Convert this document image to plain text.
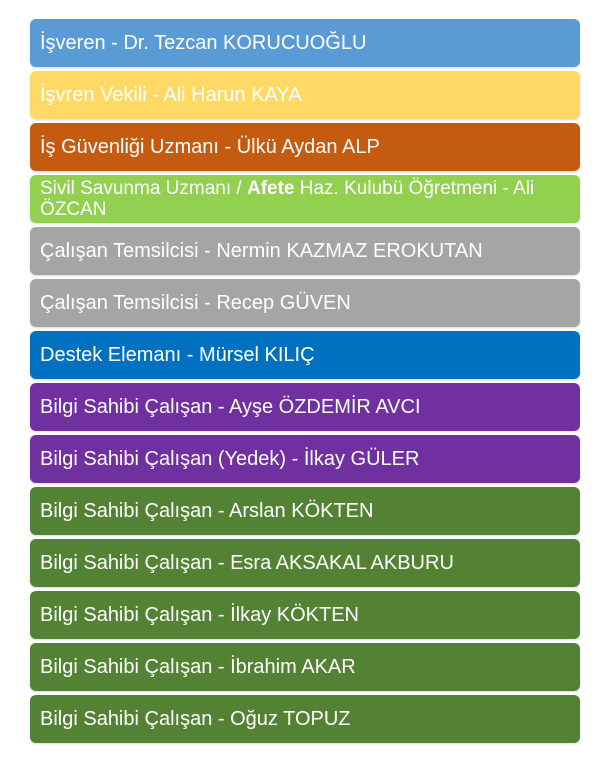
İşveren - Dr. Tezcan KORUCUOĞLU
İşvren Vekili - Ali Harun KAYA
İş Güvenliği Uzmanı - Ülkü Aydan ALP
Sivil Savunma Uzmanı / Afete Haz. Kulubü Öğretmeni - Ali ÖZCAN
Çalışan Temsilcisi - Nermin KAZMAZ EROKUTAN
Çalışan Temsilcisi - Recep GÜVEN
Destek Elemanı - Mürsel KILIÇ
Bilgi Sahibi Çalışan - Ayşe ÖZDEMİR AVCI
Bilgi Sahibi Çalışan (Yedek) - İlkay GÜLER
Bilgi Sahibi Çalışan - Arslan KÖKTEN
Bilgi Sahibi Çalışan - Esra AKSAKAL AKBURU
Bilgi Sahibi Çalışan - İlkay KÖKTEN
Bilgi Sahibi Çalışan - İbrahim AKAR
Bilgi Sahibi Çalışan - Oğuz TOPUZ
